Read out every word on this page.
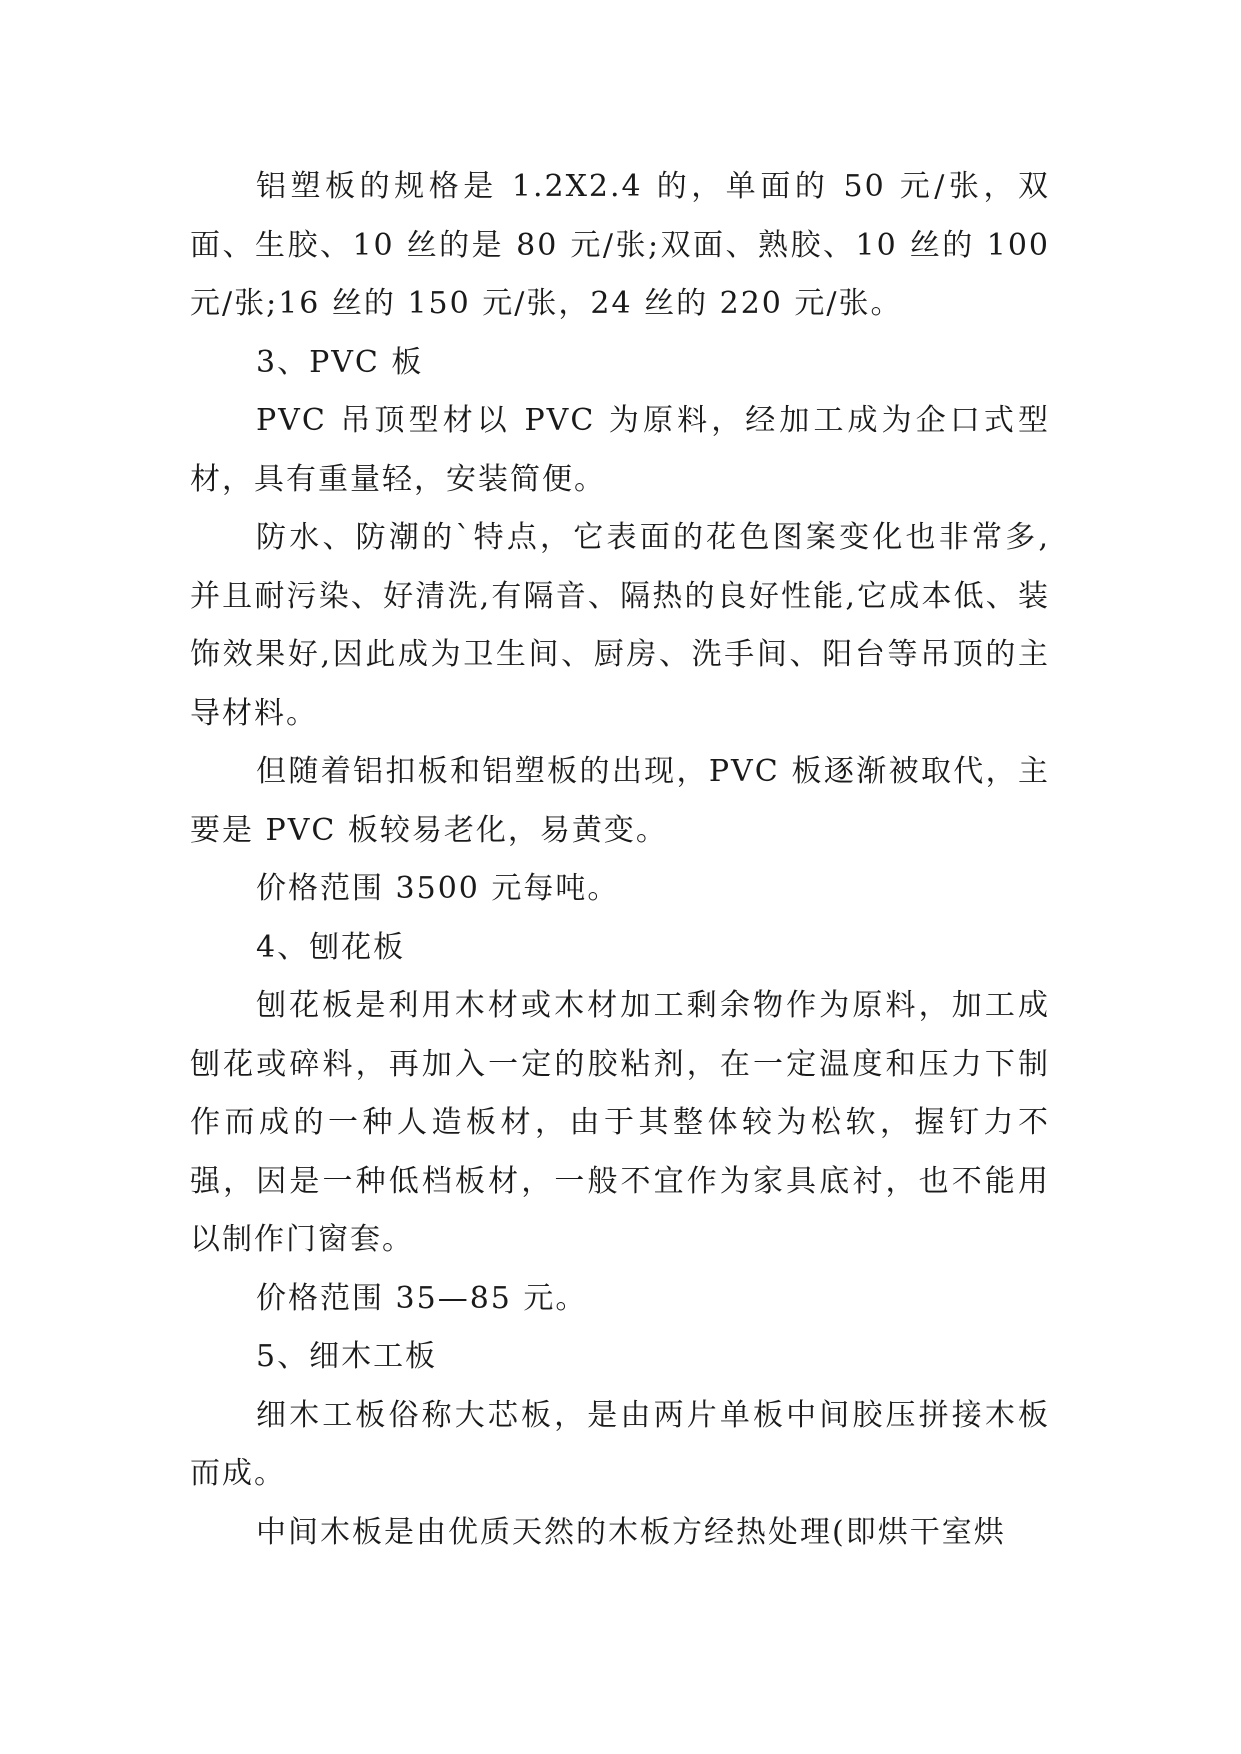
铝塑板的规格是 1.2X2.4 的，单面的 50 元/张，双面、生胶、10 丝的是 80 元/张;双面、熟胶、10 丝的 100 元/张;16 丝的 150 元/张，24 丝的 220 元/张。

3、PVC 板

PVC 吊顶型材以 PVC 为原料，经加工成为企口式型材，具有重量轻，安装简便。

防水、防潮的`特点，它表面的花色图案变化也非常多,并且耐污染、好清洗,有隔音、隔热的良好性能,它成本低、装饰效果好,因此成为卫生间、厨房、洗手间、阳台等吊顶的主导材料。

但随着铝扣板和铝塑板的出现，PVC 板逐渐被取代，主要是 PVC 板较易老化，易黄变。

价格范围 3500 元每吨。

4、刨花板

刨花板是利用木材或木材加工剩余物作为原料，加工成刨花或碎料，再加入一定的胶粘剂，在一定温度和压力下制作而成的一种人造板材，由于其整体较为松软，握钉力不强，因是一种低档板材，一般不宜作为家具底衬，也不能用以制作门窗套。

价格范围 35—85 元。

5、细木工板

细木工板俗称大芯板，是由两片单板中间胶压拼接木板而成。

中间木板是由优质天然的木板方经热处理(即烘干室烘
